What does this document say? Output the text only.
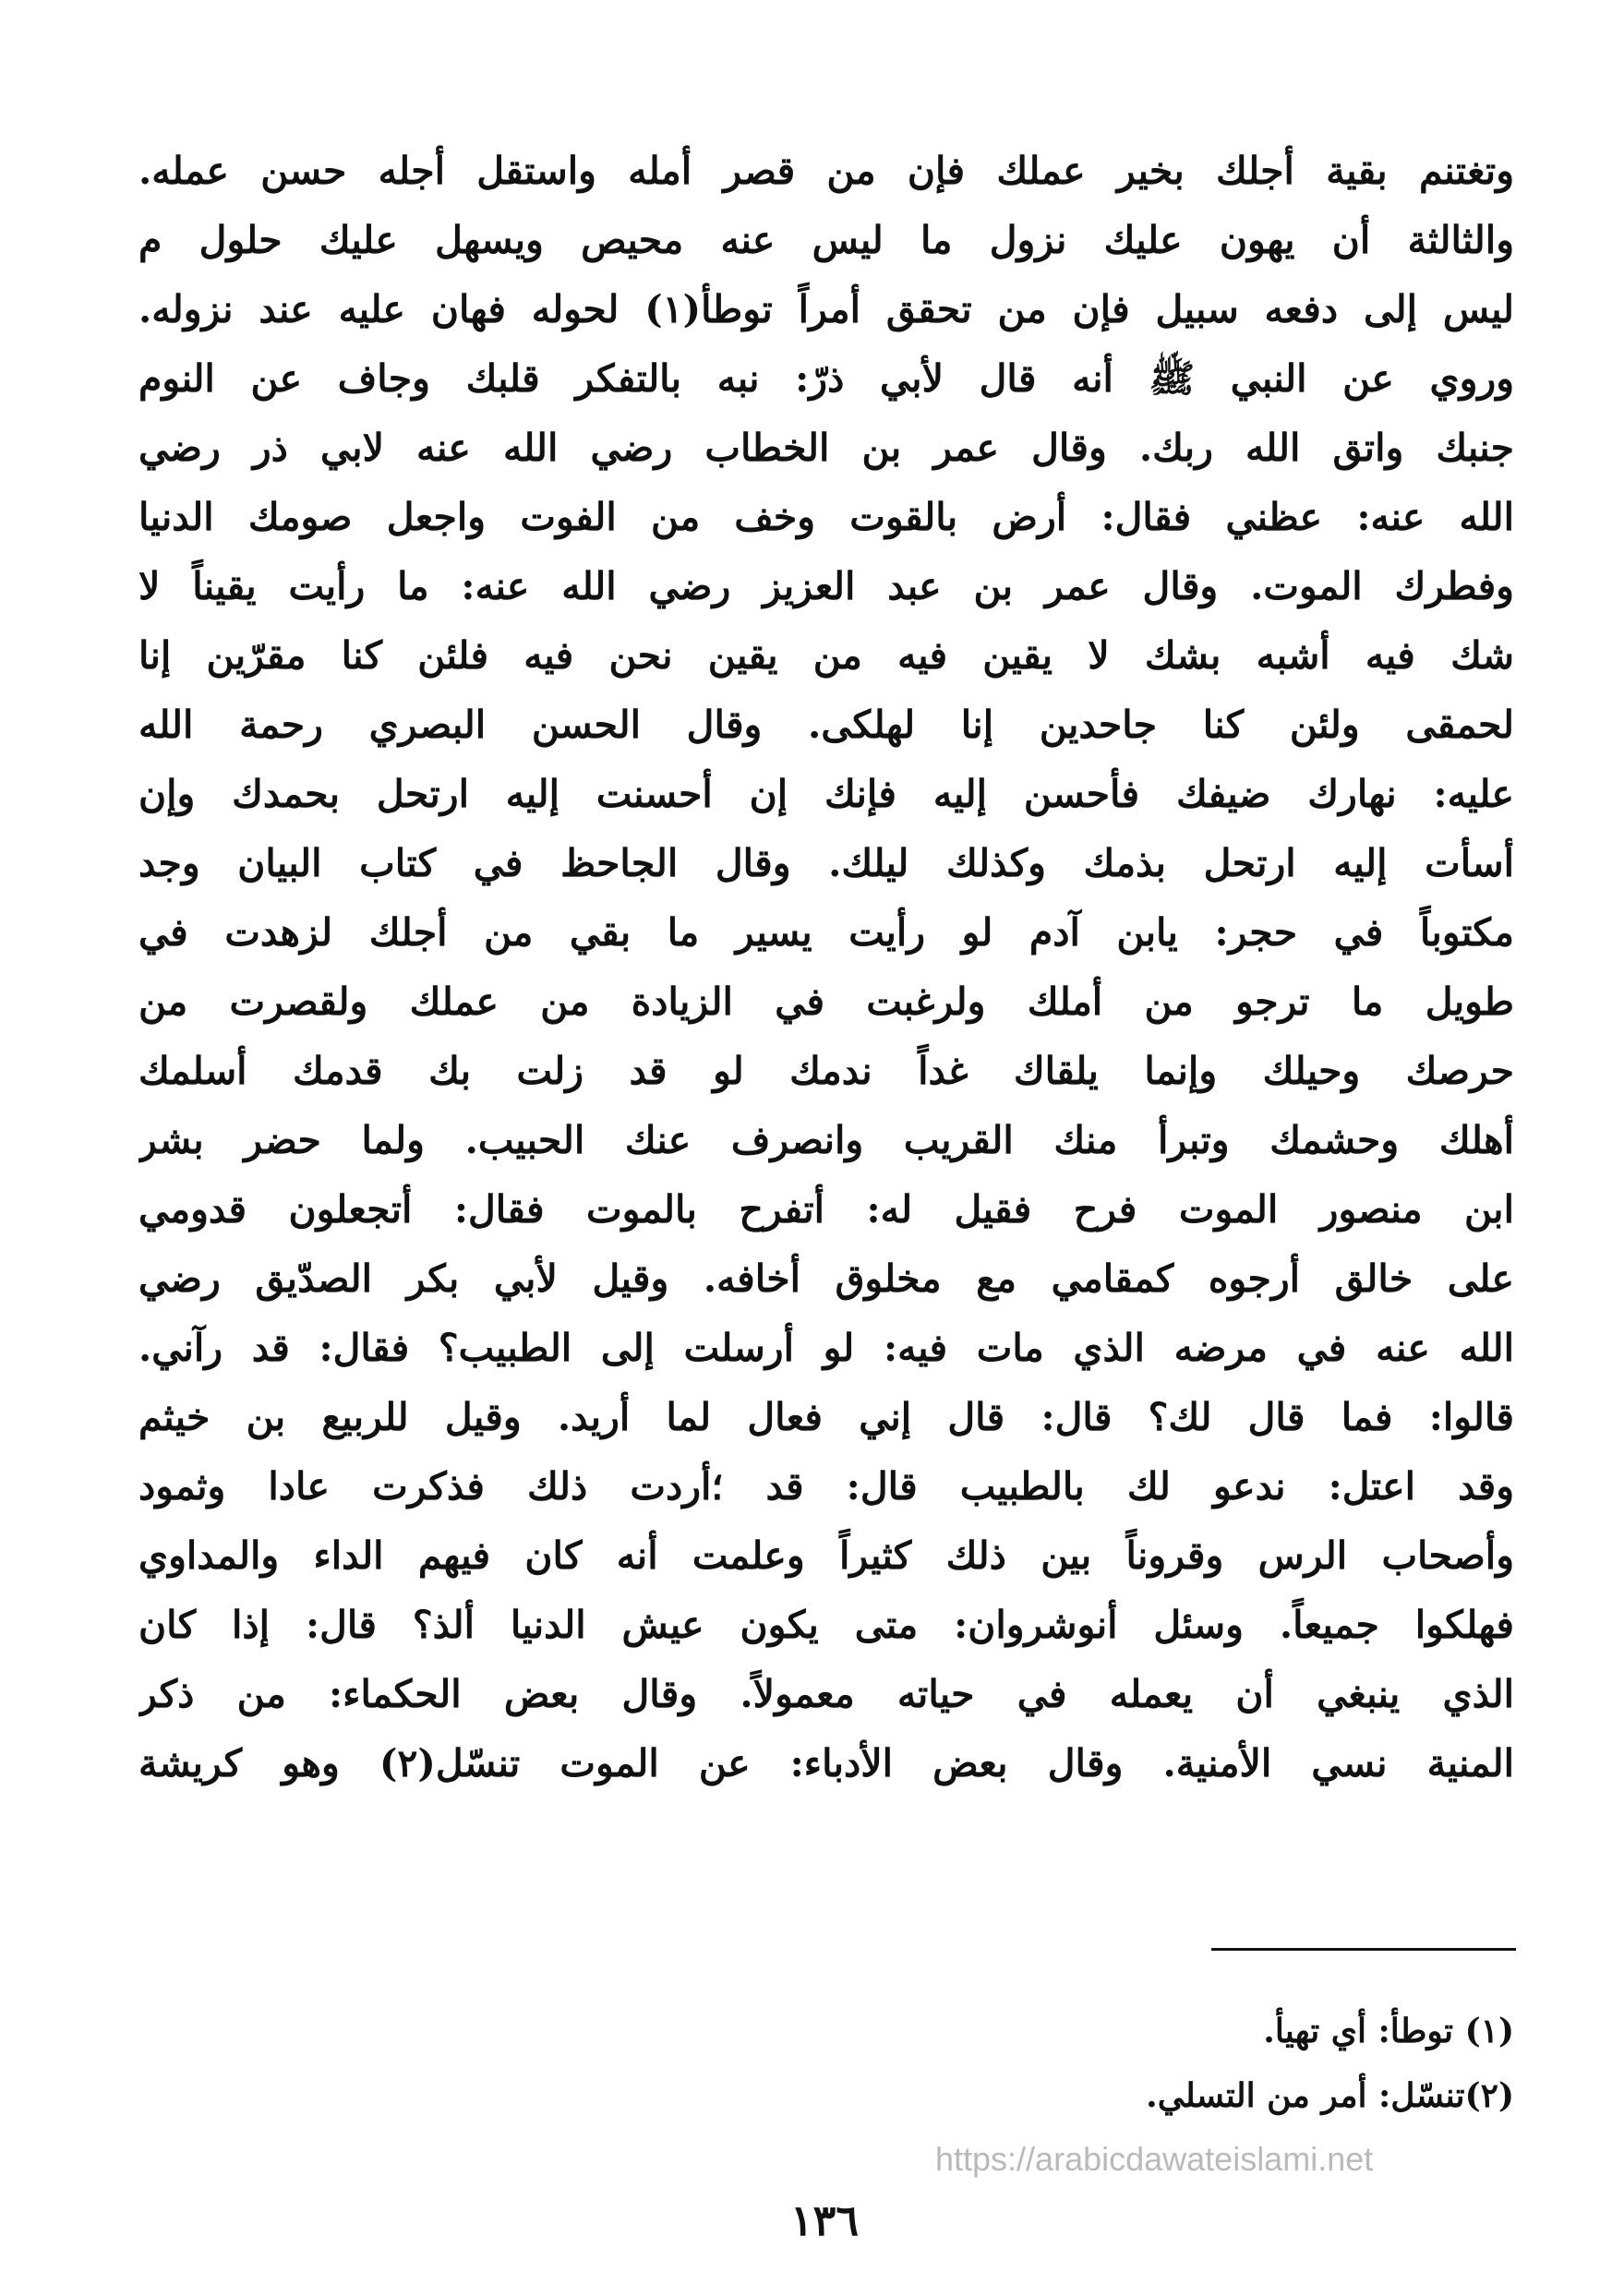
وتغتنم بقية أجلك بخير عملك فإن من قصر أمله واستقل أجله حسن عمله.
والثالثة أن يهون عليك نزول ما ليس عنه محيص ويسهل عليك حلول م
ليس إلى دفعه سبيل فإن من تحقق أمراً توطأ(١) لحوله فهان عليه عند نزوله.
وروي عن النبي ﷺ أنه قال لأبي ذرّ: نبه بالتفكر قلبك وجاف عن النوم
جنبك واتق الله ربك. وقال عمر بن الخطاب رضي الله عنه لابي ذر رضي
الله عنه: عظني فقال: أرض بالقوت وخف من الفوت واجعل صومك الدنيا
وفطرك الموت. وقال عمر بن عبد العزيز رضي الله عنه: ما رأيت يقيناً لا
شك فيه أشبه بشك لا يقين فيه من يقين نحن فيه فلئن كنا مقرّين إنا
لحمقى ولئن كنا جاحدين إنا لهلكى. وقال الحسن البصري رحمة الله
عليه: نهارك ضيفك فأحسن إليه فإنك إن أحسنت إليه ارتحل بحمدك وإن
أسأت إليه ارتحل بذمك وكذلك ليلك. وقال الجاحظ في كتاب البيان وجد
مكتوباً في حجر: يابن آدم لو رأيت يسير ما بقي من أجلك لزهدت في
طويل ما ترجو من أملك ولرغبت في الزيادة من عملك ولقصرت من
حرصك وحيلك وإنما يلقاك غداً ندمك لو قد زلت بك قدمك أسلمك
أهلك وحشمك وتبرأ منك القريب وانصرف عنك الحبيب. ولما حضر بشر
ابن منصور الموت فرح فقيل له: أتفرح بالموت فقال: أتجعلون قدومي
على خالق أرجوه كمقامي مع مخلوق أخافه. وقيل لأبي بكر الصدّيق رضي
الله عنه في مرضه الذي مات فيه: لو أرسلت إلى الطبيب؟ فقال: قد رآني.
قالوا: فما قال لك؟ قال: قال إني فعال لما أريد. وقيل للربيع بن خيثم
وقد اعتل: ندعو لك بالطبيب قال: قد ؛أردت ذلك فذكرت عادا وثمود
وأصحاب الرس وقروناً بين ذلك كثيراً وعلمت أنه كان فيهم الداء والمداوي
فهلكوا جميعاً. وسئل أنوشروان: متى يكون عيش الدنيا ألذ؟ قال: إذا كان
الذي ينبغي أن يعمله في حياته معمولاً. وقال بعض الحكماء: من ذكر
المنية نسي الأمنية. وقال بعض الأدباء: عن الموت تنسّل(٢) وهو كريشة
(١) توطأ: أي تهيأ.
(٢)تنسّل: أمر من التسلي.
https://arabicdawateislami.net
١٣٦
